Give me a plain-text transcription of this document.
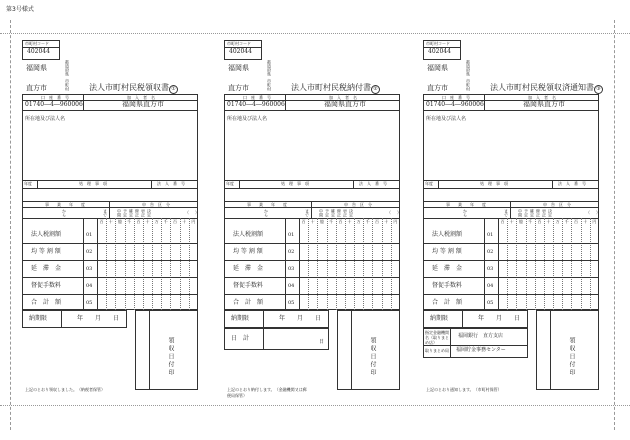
第3号様式
市町村コード
402044
福岡県
直方市
都道府県
市町村 法人市町村民税領収書 ①
口　座　番　号	加　入　者　名
01740―4―960006	福岡県直方市
所在地及び法人名
年度	処　理　事　項	法　人　番　号
事　　業　　年　　度	申　告　区　分
から	まで 中間 予定 確定 修正 更正 決定	（ ）
百 十 億 千 百 十 万 千 百 十 円
法人税割額	01
均 等 割 額	02
延　滞　金	03
督促手数料	04
合　計　額	05
納期限	年 月 日
領収日付印
上記のとおり領収しました。（納税者保管）
市町村コード
402044
福岡県
直方市
都道府県
市町村 法人市町村民税納付書 ②
口　座　番　号	加　入　者　名
01740―4―960006	福岡県直方市
所在地及び法人名
年度	処　理　事　項	法　人　番　号
事　　業　　年　　度	申　告　区　分
から	まで 中間 予定 確定 修正 更正 決定	（ ）
百 十 億 千 百 十 万 千 百 十 円
法人税割額	01
均 等 割 額	02
延　滞　金	03
督促手数料	04
合　計　額	05
納期限	年 月 日
領収日付印
日　計	日
上記のとおり納付します。（金融機関又は郵
便局保管）
市町村コード
402044
福岡県
直方市
都道府県
市町村 法人市町村民税領収済通知書 ③
口　座　番　号	加　入　者　名
01740―4―960006	福岡県直方市
所在地及び法人名
年度	処　理　事　項	法　人　番　号
事　　業　　年　　度	申　告　区　分
から	まで 中間 予定 確定 修正 更正 決定	（ ）
百 十 億 千 百 十 万 千 百 十 円
法人税割額	01
均 等 割 額	02
延　滞　金	03
督促手数料	04
合　計　額	05
納期限	年 月 日
領収日付印
指定金融機関名（取りまとめ店）
福岡銀行　直方支店
取りまとめ局 福岡貯金事務センター
上記のとおり通知します。（市町村保管）
